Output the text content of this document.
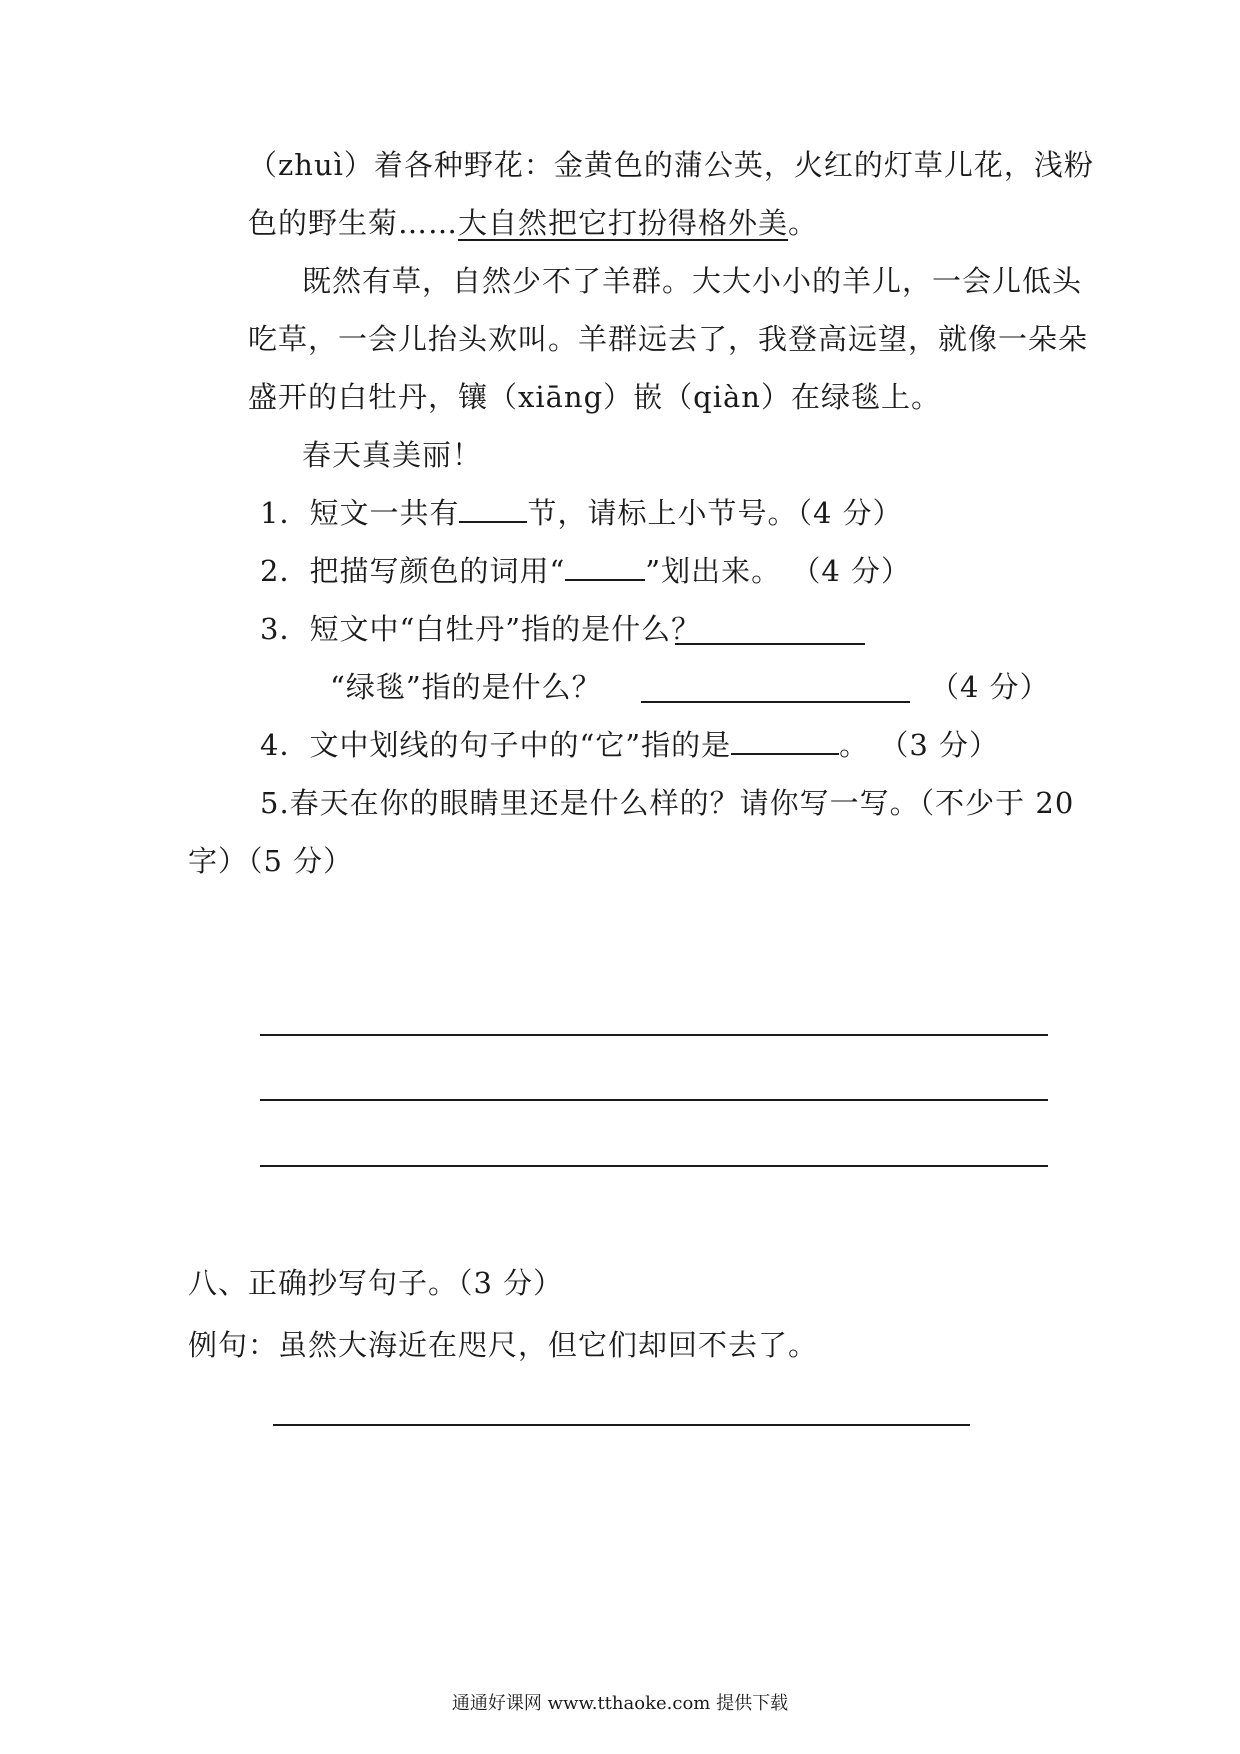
（zhuì）着各种野花：金黄色的蒲公英，火红的灯草儿花，浅粉
色的野生菊……大自然把它打扮得格外美。
既然有草，自然少不了羊群。大大小小的羊儿，一会儿低头
吃草，一会儿抬头欢叫。羊群远去了，我登高远望，就像一朵朵
盛开的白牡丹，镶（xiāng）嵌（qiàn）在绿毯上。
春天真美丽！
1．短文一共有 节，请标上小节号。（4 分）
2．把描写颜色的词用“	”划出来。 （4 分）
3．短文中“白牡丹”指的是什么？
“绿毯”指的是什么？	（4 分）
4．文中划线的句子中的“它”指的是	。 （3 分）
5.春天在你的眼睛里还是什么样的？请你写一写。（不少于 20
字）（5 分）
八、正确抄写句子。（3 分）
例句：虽然大海近在咫尺，但它们却回不去了。
通通好课网 www.tthaoke.com 提供下载
